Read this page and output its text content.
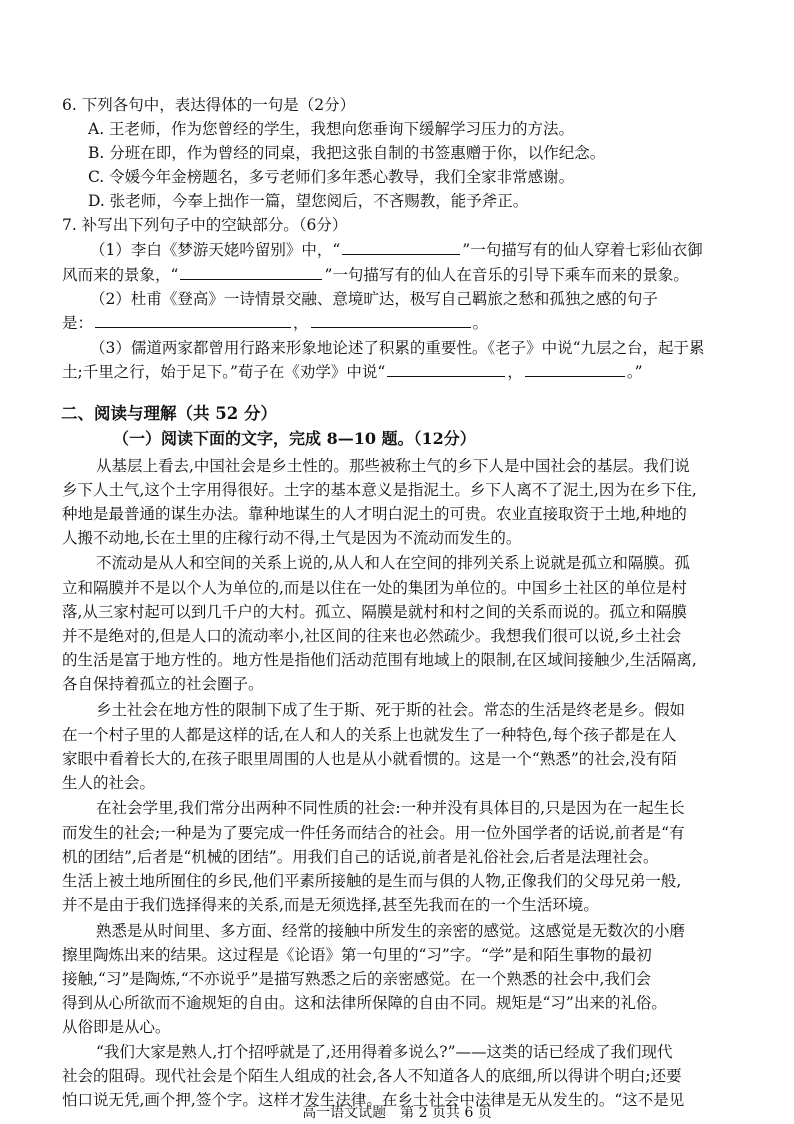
6. 下列各句中，表达得体的一句是（2分）
A. 王老师，作为您曾经的学生，我想向您垂询下缓解学习压力的方法。
B. 分班在即，作为曾经的同桌，我把这张自制的书签惠赠于你，以作纪念。
C. 令媛今年金榜题名，多亏老师们多年悉心教导，我们全家非常感谢。
D. 张老师，今奉上拙作一篇，望您阅后，不吝赐教，能予斧正。
7. 补写出下列句子中的空缺部分。（6分）
（1）李白《梦游天姥吟留别》中，“	”一句描写有的仙人穿着七彩仙衣御
风而来的景象，“	”一句描写有的仙人在音乐的引导下乘车而来的景象。
（2）杜甫《登高》一诗情景交融、意境旷达，极写自己羁旅之愁和孤独之感的句子
是：	，	。
（3）儒道两家都曾用行路来形象地论述了积累的重要性。《老子》中说“九层之台，起于累
土;千里之行，始于足下。”荀子在《劝学》中说“	，	。”
二、阅读与理解（共 52 分）
（一）阅读下面的文字，完成 8—10 题。（12分）
从基层上看去,中国社会是乡土性的。那些被称土气的乡下人是中国社会的基层。我们说
乡下人土气,这个土字用得很好。土字的基本意义是指泥土。乡下人离不了泥土,因为在乡下住,
种地是最普通的谋生办法。靠种地谋生的人才明白泥土的可贵。农业直接取资于土地,种地的
人搬不动地,长在土里的庄稼行动不得,土气是因为不流动而发生的。
不流动是从人和空间的关系上说的,从人和人在空间的排列关系上说就是孤立和隔膜。孤
立和隔膜并不是以个人为单位的,而是以住在一处的集团为单位的。中国乡土社区的单位是村
落,从三家村起可以到几千户的大村。孤立、隔膜是就村和村之间的关系而说的。孤立和隔膜
并不是绝对的,但是人口的流动率小,社区间的往来也必然疏少。我想我们很可以说,乡土社会
的生活是富于地方性的。地方性是指他们活动范围有地域上的限制,在区域间接触少,生活隔离,
各自保持着孤立的社会圈子。
乡土社会在地方性的限制下成了生于斯、死于斯的社会。常态的生活是终老是乡。假如
在一个村子里的人都是这样的话,在人和人的关系上也就发生了一种特色,每个孩子都是在人
家眼中看着长大的,在孩子眼里周围的人也是从小就看惯的。这是一个“熟悉”的社会,没有陌
生人的社会。
在社会学里,我们常分出两种不同性质的社会:一种并没有具体目的,只是因为在一起生长
而发生的社会;一种是为了要完成一件任务而结合的社会。用一位外国学者的话说,前者是“有
机的团结”,后者是“机械的团结”。用我们自己的话说,前者是礼俗社会,后者是法理社会。
生活上被土地所囿住的乡民,他们平素所接触的是生而与俱的人物,正像我们的父母兄弟一般,
并不是由于我们选择得来的关系,而是无须选择,甚至先我而在的一个生活环境。
熟悉是从时间里、多方面、经常的接触中所发生的亲密的感觉。这感觉是无数次的小磨
擦里陶炼出来的结果。这过程是《论语》第一句里的“习”字。“学”是和陌生事物的最初
接触,“习”是陶炼,“不亦说乎”是描写熟悉之后的亲密感觉。在一个熟悉的社会中,我们会
得到从心所欲而不逾规矩的自由。这和法律所保障的自由不同。规矩是“习”出来的礼俗。
从俗即是从心。
“我们大家是熟人,打个招呼就是了,还用得着多说么?”——这类的话已经成了我们现代
社会的阻碍。现代社会是个陌生人组成的社会,各人不知道各人的底细,所以得讲个明白;还要
怕口说无凭,画个押,签个字。这样才发生法律。在乡土社会中法律是无从发生的。“这不是见
高一语文试题　第 2 页共 6 页
